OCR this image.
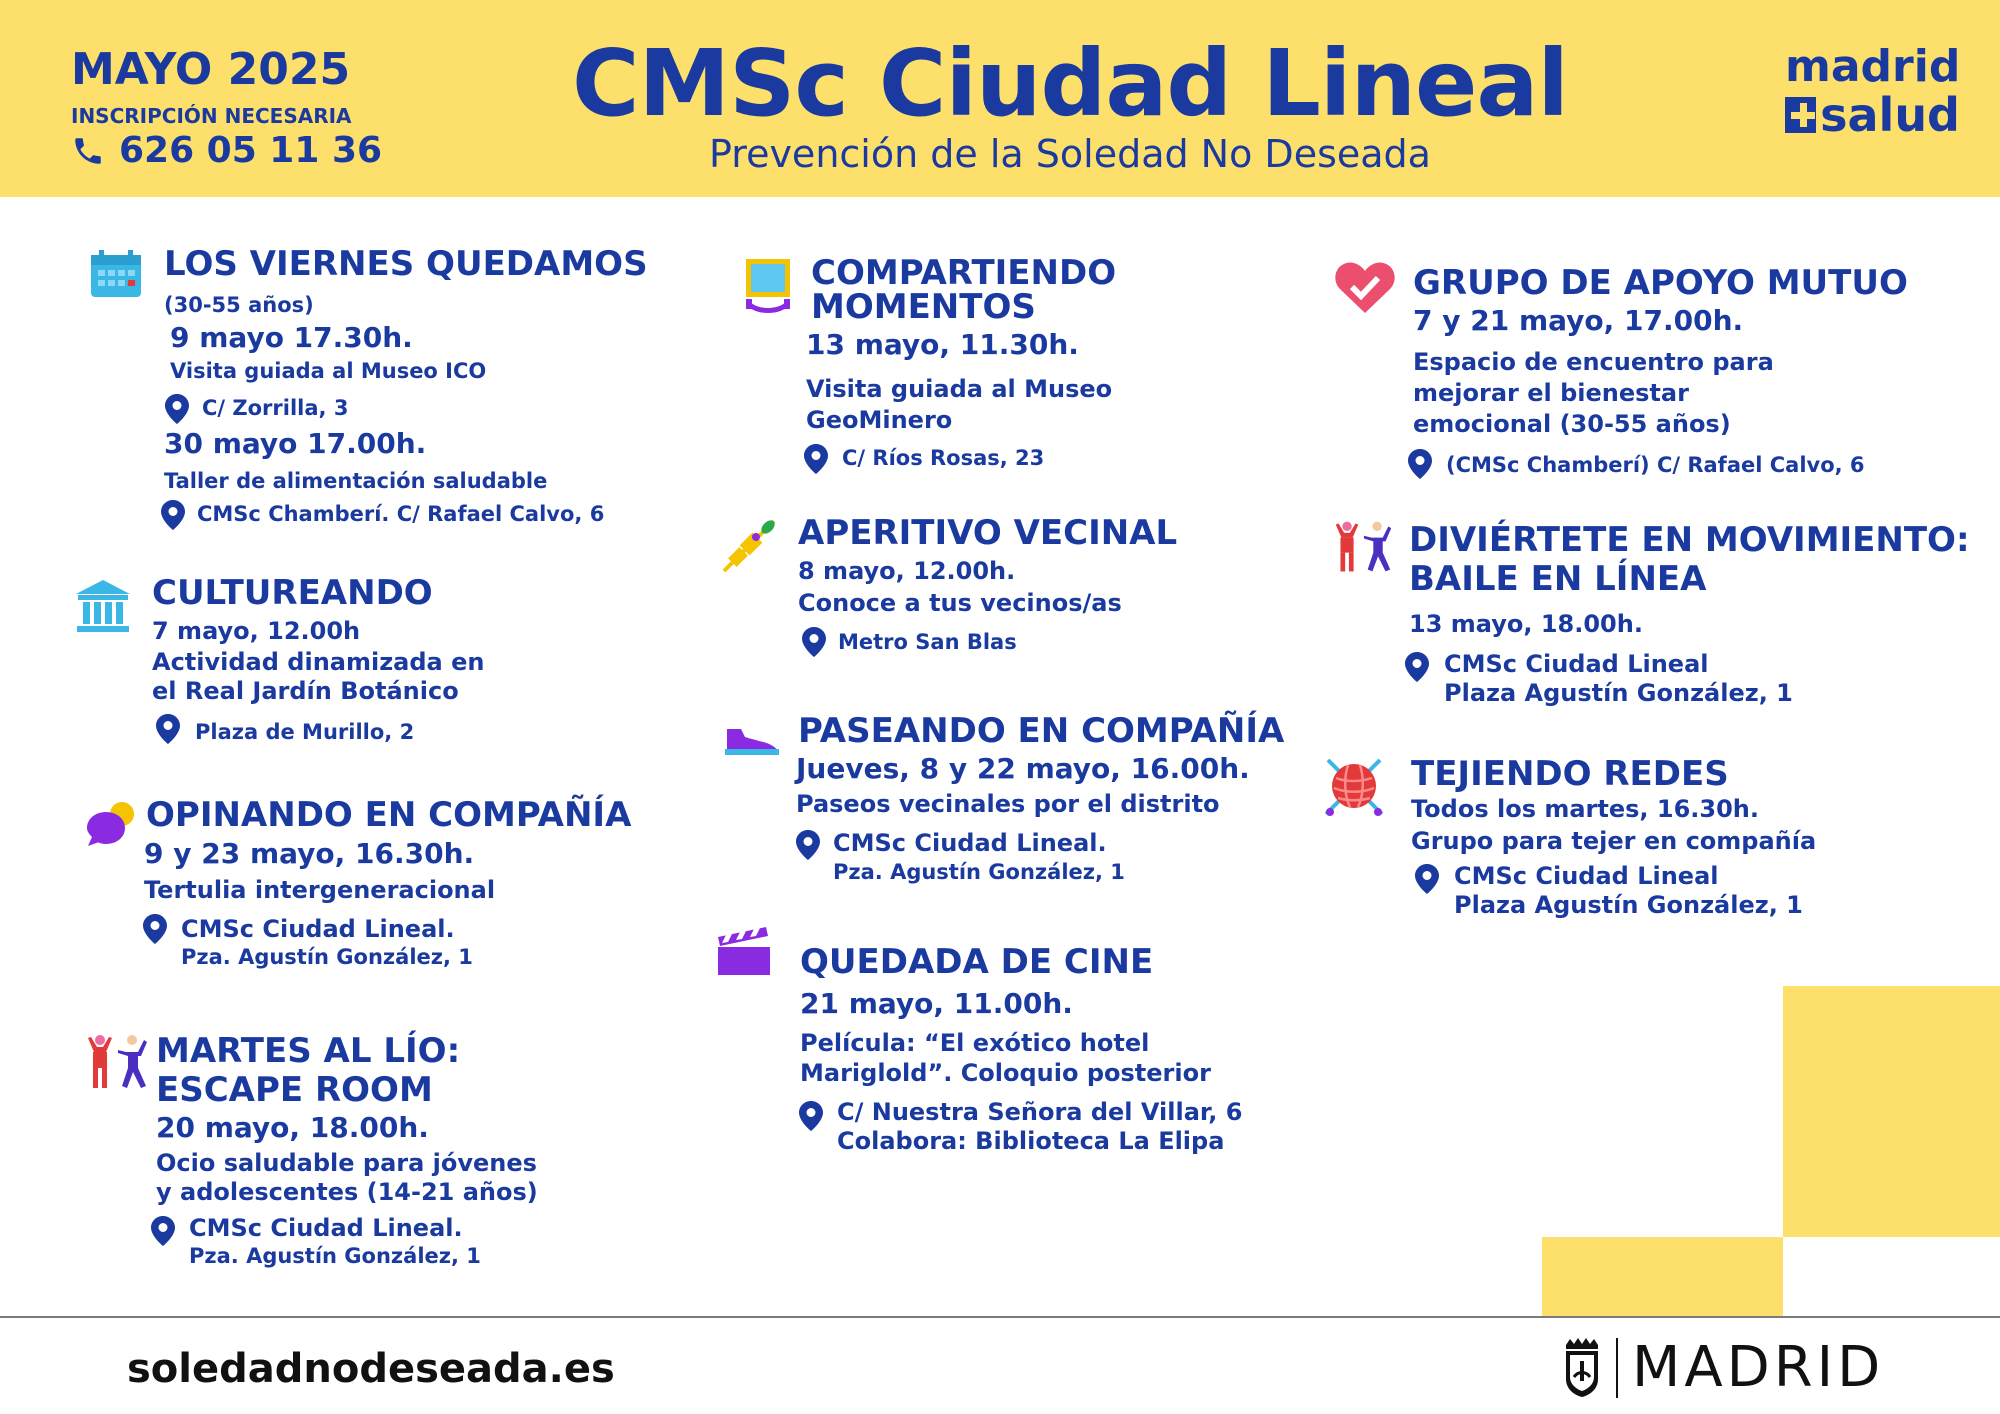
MAYO 2025
INSCRIPCIÓN NECESARIA
626 05 11 36
CMSc Ciudad Lineal
Prevención de la Soledad No Deseada
madrid
salud
LOS VIERNES QUEDAMOS
(30-55 años)
9 mayo 17.30h.
Visita guiada al Museo ICO
C/ Zorrilla, 3
30 mayo 17.00h.
Taller de alimentación saludable
CMSc Chamberí. C/ Rafael Calvo, 6
CULTUREANDO
7 mayo, 12.00h
Actividad dinamizada en
el Real Jardín Botánico
Plaza de Murillo, 2
OPINANDO EN COMPAÑÍA
9 y 23 mayo, 16.30h.
Tertulia intergeneracional
CMSc Ciudad Lineal.
Pza. Agustín González, 1
MARTES AL LÍO:
ESCAPE ROOM
20 mayo, 18.00h.
Ocio saludable para jóvenes
y adolescentes (14-21 años)
CMSc Ciudad Lineal.
Pza. Agustín González, 1
COMPARTIENDO
MOMENTOS
13 mayo, 11.30h.
Visita guiada al Museo
GeoMinero
C/ Ríos Rosas, 23
APERITIVO VECINAL
8 mayo, 12.00h.
Conoce a tus vecinos/as
Metro San Blas
PASEANDO EN COMPAÑÍA
Jueves, 8 y 22 mayo, 16.00h.
Paseos vecinales por el distrito
CMSc Ciudad Lineal.
Pza. Agustín González, 1
QUEDADA DE CINE
21 mayo, 11.00h.
Película: “El exótico hotel
Mariglold”. Coloquio posterior
C/ Nuestra Señora del Villar, 6
Colabora: Biblioteca La Elipa
GRUPO DE APOYO MUTUO
7 y 21 mayo, 17.00h.
Espacio de encuentro para
mejorar el bienestar
emocional (30-55 años)
(CMSc Chamberí) C/ Rafael Calvo, 6
DIVIÉRTETE EN MOVIMIENTO:
BAILE EN LÍNEA
13 mayo, 18.00h.
CMSc Ciudad Lineal
Plaza Agustín González, 1
TEJIENDO REDES
Todos los martes, 16.30h.
Grupo para tejer en compañía
CMSc Ciudad Lineal
Plaza Agustín González, 1
soledadnodeseada.es	MADRID
